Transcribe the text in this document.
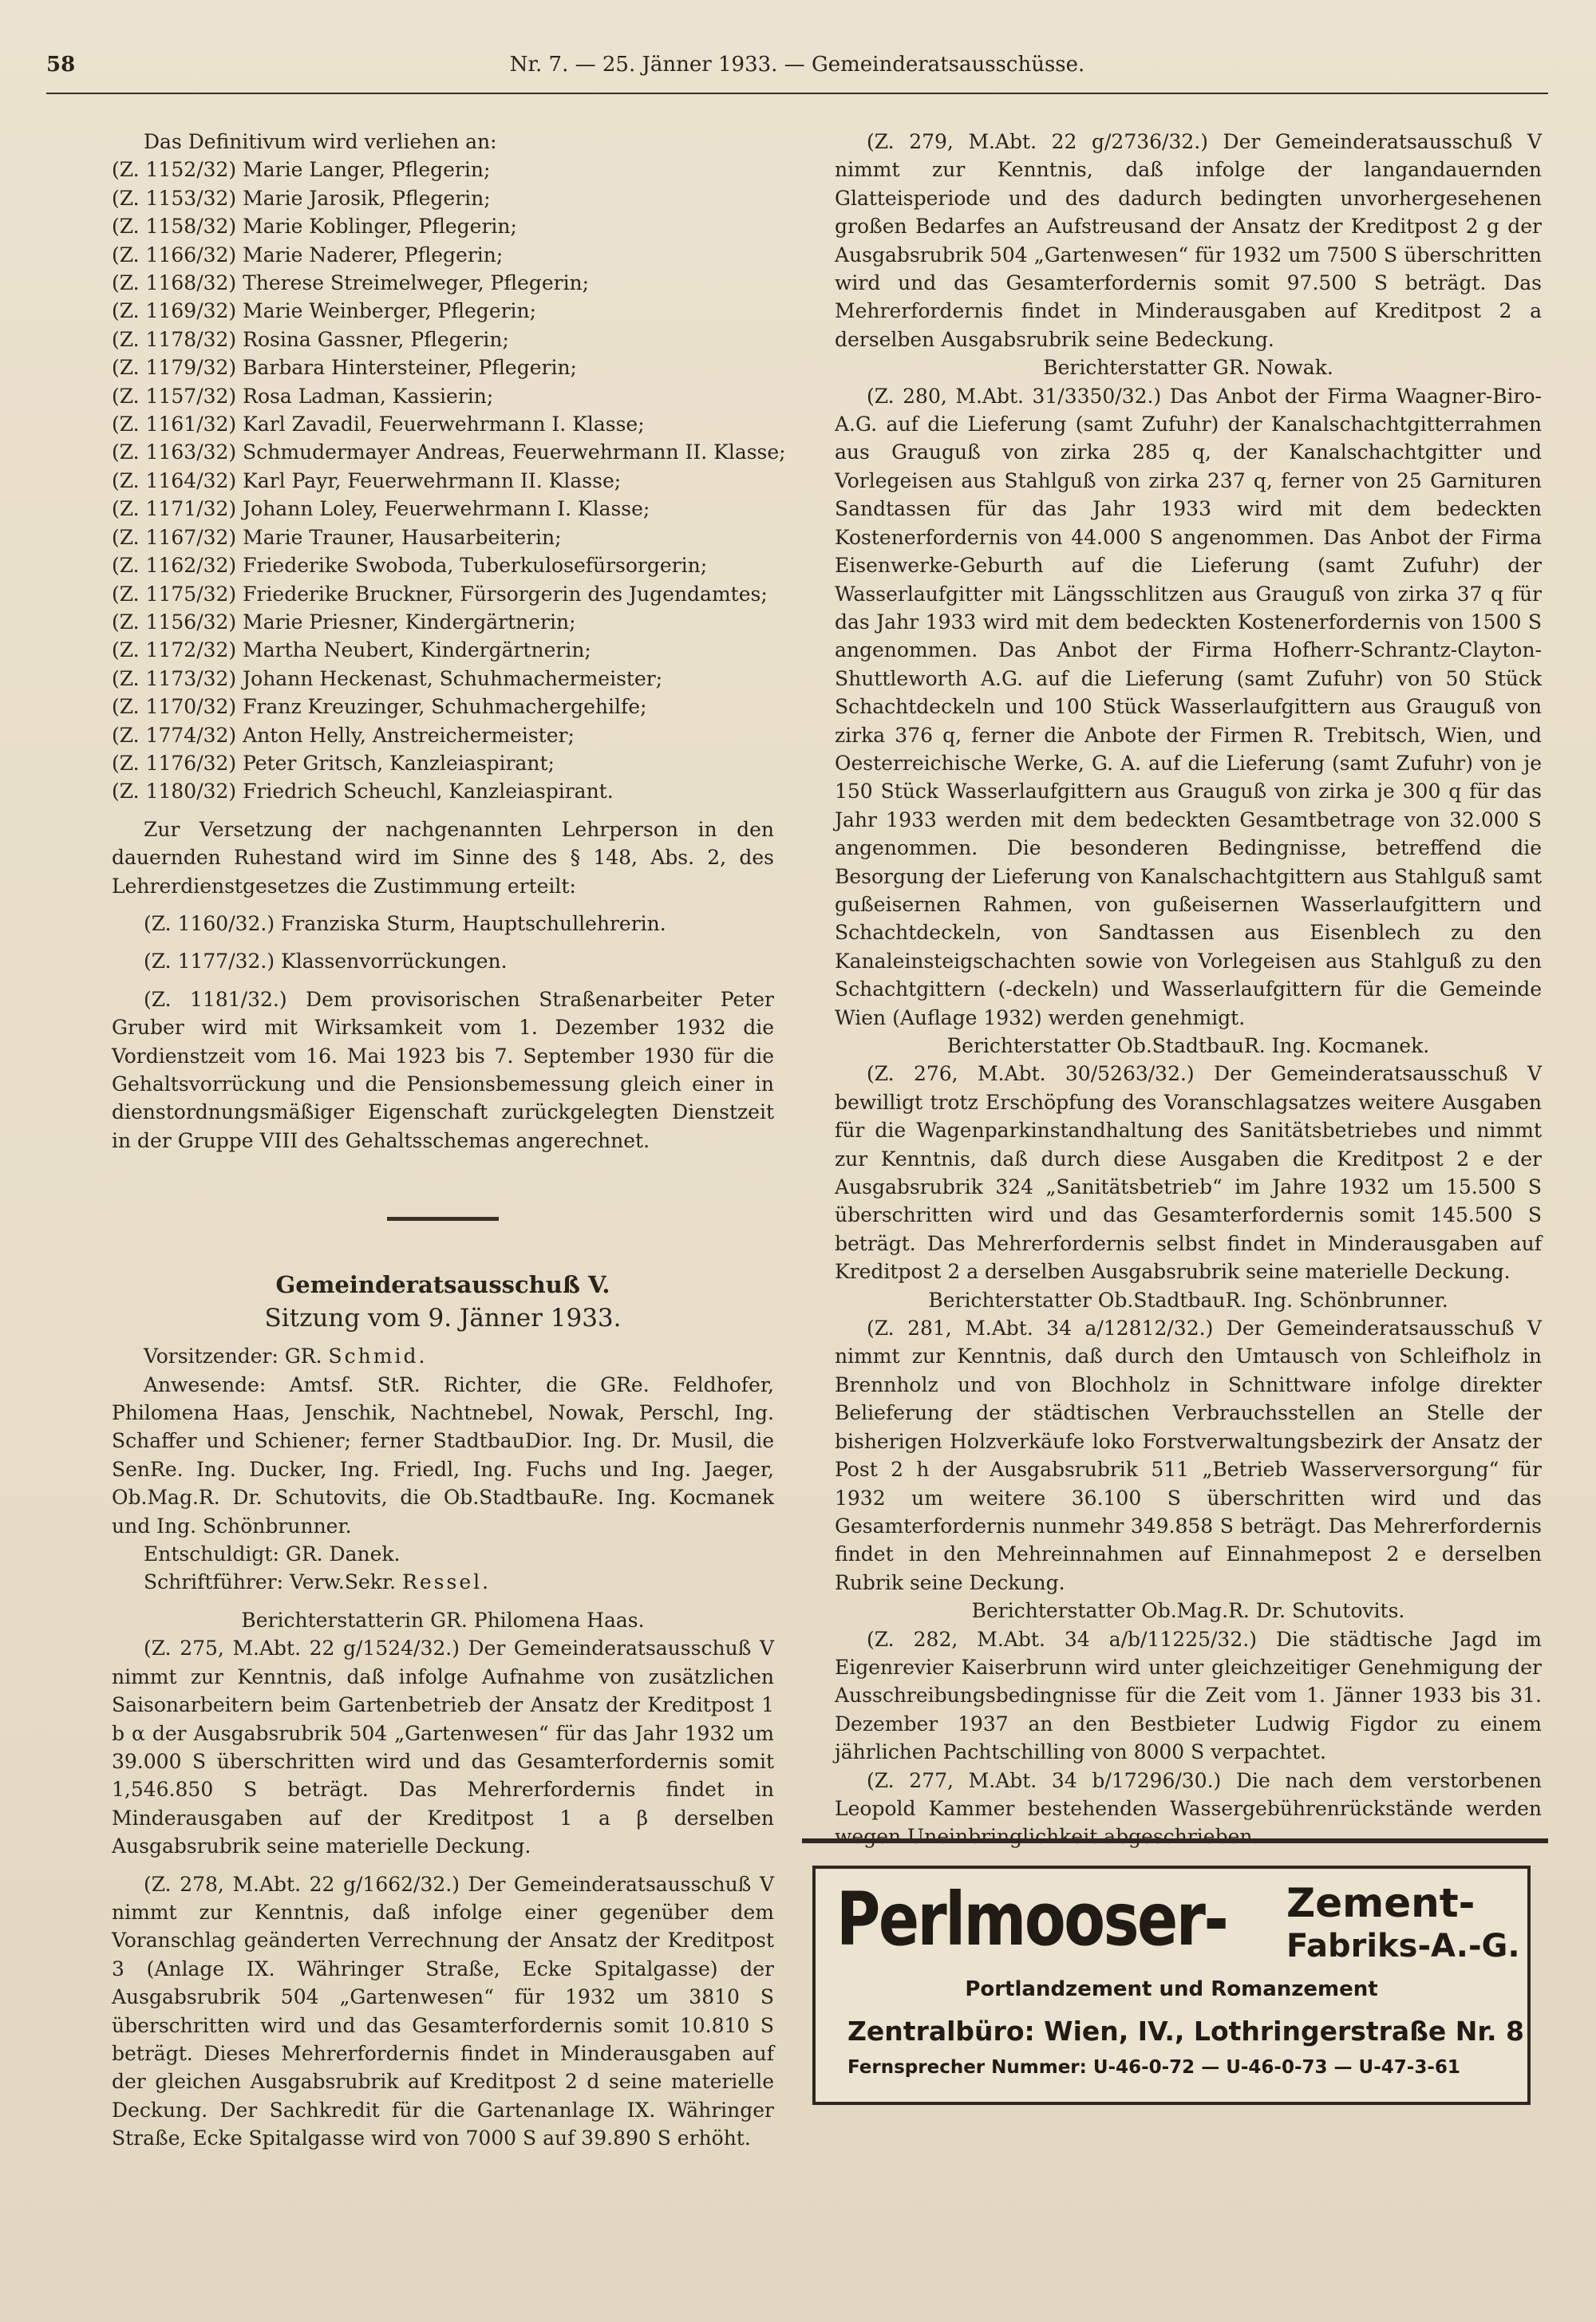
58	Nr. 7. — 25. Jänner 1933. — Gemeinderatsausschüsse.

Das Definitivum wird verliehen an:

(Z. 1152/32) Marie Langer, Pflegerin;
(Z. 1153/32) Marie Jarosik, Pflegerin;
(Z. 1158/32) Marie Koblinger, Pflegerin;
(Z. 1166/32) Marie Naderer, Pflegerin;
(Z. 1168/32) Therese Streimelweger, Pflegerin;
(Z. 1169/32) Marie Weinberger, Pflegerin;
(Z. 1178/32) Rosina Gassner, Pflegerin;
(Z. 1179/32) Barbara Hintersteiner, Pflegerin;
(Z. 1157/32) Rosa Ladman, Kassierin;
(Z. 1161/32) Karl Zavadil, Feuerwehrmann I. Klasse;
(Z. 1163/32) Schmudermayer Andreas, Feuerwehrmann II. Klasse;
(Z. 1164/32) Karl Payr, Feuerwehrmann II. Klasse;
(Z. 1171/32) Johann Loley, Feuerwehrmann I. Klasse;
(Z. 1167/32) Marie Trauner, Hausarbeiterin;
(Z. 1162/32) Friederike Swoboda, Tuberkulosefürsorgerin;
(Z. 1175/32) Friederike Bruckner, Fürsorgerin des Jugendamtes;
(Z. 1156/32) Marie Priesner, Kindergärtnerin;
(Z. 1172/32) Martha Neubert, Kindergärtnerin;
(Z. 1173/32) Johann Heckenast, Schuhmachermeister;
(Z. 1170/32) Franz Kreuzinger, Schuhmachergehilfe;
(Z. 1774/32) Anton Helly, Anstreichermeister;
(Z. 1176/32) Peter Gritsch, Kanzleiaspirant;
(Z. 1180/32) Friedrich Scheuchl, Kanzleiaspirant.

Zur Versetzung der nachgenannten Lehrperson in den dauernden Ruhestand wird im Sinne des § 148, Abs. 2, des Lehrerdienstgesetzes die Zustimmung erteilt:

(Z. 1160/32.) Franziska Sturm, Hauptschullehrerin.

(Z. 1177/32.) Klassenvorrückungen.

(Z. 1181/32.) Dem provisorischen Straßenarbeiter Peter Gruber wird mit Wirksamkeit vom 1. Dezember 1932 die Vordienstzeit vom 16. Mai 1923 bis 7. September 1930 für die Gehaltsvorrückung und die Pensionsbemessung gleich einer in dienstordnungsmäßiger Eigenschaft zurückgelegten Dienstzeit in der Gruppe VIII des Gehaltsschemas angerechnet.

Gemeinderatsausschuß V.
Sitzung vom 9. Jänner 1933.

Vorsitzender: GR. Schmid.

Anwesende: Amtsf. StR. Richter, die GRe. Feldhofer, Philomena Haas, Jenschik, Nachtnebel, Nowak, Perschl, Ing. Schaffer und Schiener; ferner StadtbauDior. Ing. Dr. Musil, die SenRe. Ing. Ducker, Ing. Friedl, Ing. Fuchs und Ing. Jaeger, Ob.Mag.R. Dr. Schutovits, die Ob.StadtbauRe. Ing. Kocmanek und Ing. Schönbrunner.

Entschuldigt: GR. Danek.

Schriftführer: Verw.Sekr. Ressel.

Berichterstatterin GR. Philomena Haas.

(Z. 275, M.Abt. 22 g/1524/32.) Der Gemeinderatsausschuß V nimmt zur Kenntnis, daß infolge Aufnahme von zusätzlichen Saisonarbeitern beim Gartenbetrieb der Ansatz der Kreditpost 1 b α der Ausgabsrubrik 504 „Gartenwesen“ für das Jahr 1932 um 39.000 S überschritten wird und das Gesamterfordernis somit 1,546.850 S beträgt. Das Mehrerfordernis findet in Minderausgaben auf der Kreditpost 1 a β derselben Ausgabsrubrik seine materielle Deckung.

(Z. 278, M.Abt. 22 g/1662/32.) Der Gemeinderatsausschuß V nimmt zur Kenntnis, daß infolge einer gegenüber dem Voranschlag geänderten Verrechnung der Ansatz der Kreditpost 3 (Anlage IX. Währinger Straße, Ecke Spitalgasse) der Ausgabsrubrik 504 „Gartenwesen“ für 1932 um 3810 S überschritten wird und das Gesamterfordernis somit 10.810 S beträgt. Dieses Mehrerfordernis findet in Minderausgaben auf der gleichen Ausgabsrubrik auf Kreditpost 2 d seine materielle Deckung. Der Sachkredit für die Gartenanlage IX. Währinger Straße, Ecke Spitalgasse wird von 7000 S auf 39.890 S erhöht.

(Z. 279, M.Abt. 22 g/2736/32.) Der Gemeinderatsausschuß V nimmt zur Kenntnis, daß infolge der langandauernden Glatteisperiode und des dadurch bedingten unvorhergesehenen großen Bedarfes an Aufstreusand der Ansatz der Kreditpost 2 g der Ausgabsrubrik 504 „Gartenwesen“ für 1932 um 7500 S überschritten wird und das Gesamterfordernis somit 97.500 S beträgt. Das Mehrerfordernis findet in Minderausgaben auf Kreditpost 2 a derselben Ausgabsrubrik seine Bedeckung.

Berichterstatter GR. Nowak.

(Z. 280, M.Abt. 31/3350/32.) Das Anbot der Firma Waagner-Biro-A.G. auf die Lieferung (samt Zufuhr) der Kanalschachtgitterrahmen aus Grauguß von zirka 285 q, der Kanalschachtgitter und Vorlegeisen aus Stahlguß von zirka 237 q, ferner von 25 Garnituren Sandtassen für das Jahr 1933 wird mit dem bedeckten Kostenerfordernis von 44.000 S angenommen. Das Anbot der Firma Eisenwerke-Geburth auf die Lieferung (samt Zufuhr) der Wasserlaufgitter mit Längsschlitzen aus Grauguß von zirka 37 q für das Jahr 1933 wird mit dem bedeckten Kostenerfordernis von 1500 S angenommen. Das Anbot der Firma Hofherr-Schrantz-Clayton-Shuttleworth A.G. auf die Lieferung (samt Zufuhr) von 50 Stück Schachtdeckeln und 100 Stück Wasserlaufgittern aus Grauguß von zirka 376 q, ferner die Anbote der Firmen R. Trebitsch, Wien, und Oesterreichische Werke, G. A. auf die Lieferung (samt Zufuhr) von je 150 Stück Wasserlaufgittern aus Grauguß von zirka je 300 q für das Jahr 1933 werden mit dem bedeckten Gesamtbetrage von 32.000 S angenommen. Die besonderen Bedingnisse, betreffend die Besorgung der Lieferung von Kanalschachtgittern aus Stahlguß samt gußeisernen Rahmen, von gußeisernen Wasserlaufgittern und Schachtdeckeln, von Sandtassen aus Eisenblech zu den Kanaleinsteigschachten sowie von Vorlegeisen aus Stahlguß zu den Schachtgittern (-deckeln) und Wasserlaufgittern für die Gemeinde Wien (Auflage 1932) werden genehmigt.

Berichterstatter Ob.StadtbauR. Ing. Kocmanek.

(Z. 276, M.Abt. 30/5263/32.) Der Gemeinderatsausschuß V bewilligt trotz Erschöpfung des Voranschlagsatzes weitere Ausgaben für die Wagenparkinstandhaltung des Sanitätsbetriebes und nimmt zur Kenntnis, daß durch diese Ausgaben die Kreditpost 2 e der Ausgabsrubrik 324 „Sanitätsbetrieb“ im Jahre 1932 um 15.500 S überschritten wird und das Gesamterfordernis somit 145.500 S beträgt. Das Mehrerfordernis selbst findet in Minderausgaben auf Kreditpost 2 a derselben Ausgabsrubrik seine materielle Deckung.

Berichterstatter Ob.StadtbauR. Ing. Schönbrunner.

(Z. 281, M.Abt. 34 a/12812/32.) Der Gemeinderatsausschuß V nimmt zur Kenntnis, daß durch den Umtausch von Schleifholz in Brennholz und von Blochholz in Schnittware infolge direkter Belieferung der städtischen Verbrauchsstellen an Stelle der bisherigen Holzverkäufe loko Forstverwaltungsbezirk der Ansatz der Post 2 h der Ausgabsrubrik 511 „Betrieb Wasserversorgung“ für 1932 um weitere 36.100 S überschritten wird und das Gesamterfordernis nunmehr 349.858 S beträgt. Das Mehrerfordernis findet in den Mehreinnahmen auf Einnahmepost 2 e derselben Rubrik seine Deckung.

Berichterstatter Ob.Mag.R. Dr. Schutovits.

(Z. 282, M.Abt. 34 a/b/11225/32.) Die städtische Jagd im Eigenrevier Kaiserbrunn wird unter gleichzeitiger Genehmigung der Ausschreibungsbedingnisse für die Zeit vom 1. Jänner 1933 bis 31. Dezember 1937 an den Bestbieter Ludwig Figdor zu einem jährlichen Pachtschilling von 8000 S verpachtet.

(Z. 277, M.Abt. 34 b/17296/30.) Die nach dem verstorbenen Leopold Kammer bestehenden Wassergebührenrückstände werden wegen Uneinbringlichkeit abgeschrieben.

Perlmooser- Zement-
Fabriks-A.-G.
Portlandzement und Romanzement
Zentralbüro: Wien, IV., Lothringerstraße Nr. 8
Fernsprecher Nummer: U-46-0-72 — U-46-0-73 — U-47-3-61
